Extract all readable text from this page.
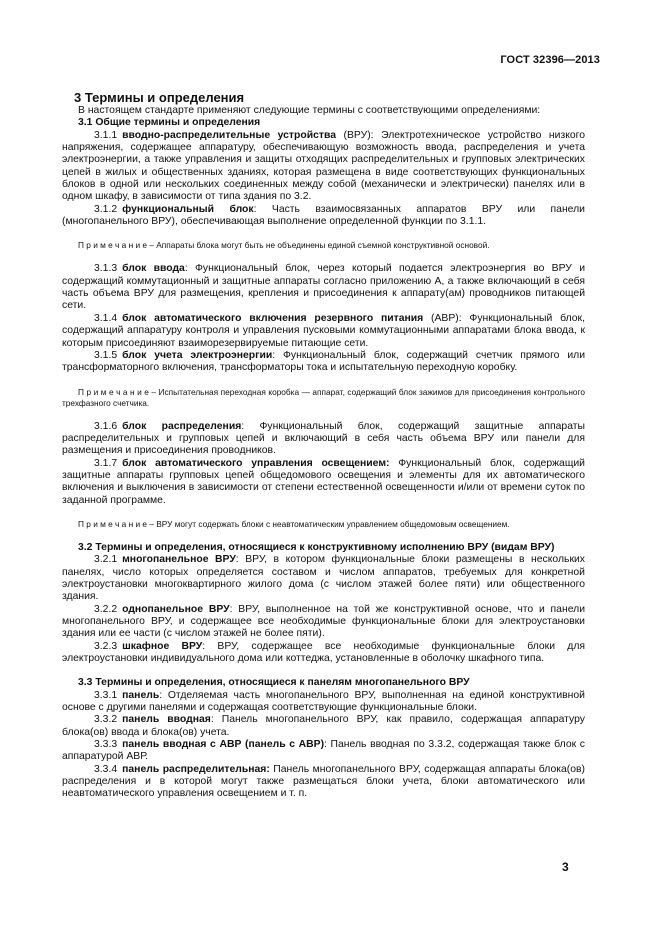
ГОСТ 32396—2013

3 Термины и определения

В настоящем стандарте применяют следующие термины с соответствующими определениями:

3.1 Общие термины и определения

3.1.1 вводно-распределительные устройства (ВРУ): Электротехническое устройство низкого напряжения, содержащее аппаратуру, обеспечивающую возможность ввода, распределения и учета электроэнергии, а также управления и защиты отходящих распределительных и групповых электрических цепей в жилых и общественных зданиях, которая размещена в виде соответствующих функциональных блоков в одной или нескольких соединенных между собой (механически и электрически) панелях или в одном шкафу, в зависимости от типа здания по 3.2.

3.1.2 функциональный блок: Часть взаимосвязанных аппаратов ВРУ или панели (многопанельного ВРУ), обеспечивающая выполнение определенной функции по 3.1.1.

П р и м е ч а н и е – Аппараты блока могут быть не объединены единой съемной конструктивной основой.

3.1.3 блок ввода: Функциональный блок, через который подается электроэнергия во ВРУ и содержащий коммутационный и защитные аппараты согласно приложению А, а также включающий в себя часть объема ВРУ для размещения, крепления и присоединения к аппарату(ам) проводников питающей сети.

3.1.4 блок автоматического включения резервного питания (АВР): Функциональный блок, содержащий аппаратуру контроля и управления пусковыми коммутационными аппаратами блока ввода, к которым присоединяют взаиморезервируемые питающие сети.

3.1.5 блок учета электроэнергии: Функциональный блок, содержащий счетчик прямого или трансформаторного включения, трансформаторы тока и испытательную переходную коробку.

П р и м е ч а н и е – Испытательная переходная коробка — аппарат, содержащий блок зажимов для присоединения контрольного трехфазного счетчика.

3.1.6 блок распределения: Функциональный блок, содержащий защитные аппараты распределительных и групповых цепей и включающий в себя часть объема ВРУ или панели для размещения и присоединения проводников.

3.1.7 блок автоматического управления освещением: Функциональный блок, содержащий защитные аппараты групповых цепей общедомового освещения и элементы для их автоматического включения и выключения в зависимости от степени естественной освещенности и/или от времени суток по заданной программе.

П р и м е ч а н и е – ВРУ могут содержать блоки с неавтоматическим управлением общедомовым освещением.

3.2 Термины и определения, относящиеся к конструктивному исполнению ВРУ (видам ВРУ)

3.2.1 многопанельное ВРУ: ВРУ, в котором функциональные блоки размещены в нескольких панелях, число которых определяется составом и числом аппаратов, требуемых для конкретной электроустановки многоквартирного жилого дома (с числом этажей более пяти) или общественного здания.

3.2.2 однопанельное ВРУ: ВРУ, выполненное на той же конструктивной основе, что и панели многопанельного ВРУ, и содержащее все необходимые функциональные блоки для электроустановки здания или ее части (с числом этажей не более пяти).

3.2.3 шкафное ВРУ: ВРУ, содержащее все необходимые функциональные блоки для электроустановки индивидуального дома или коттеджа, установленные в оболочку шкафного типа.

3.3 Термины и определения, относящиеся к панелям многопанельного ВРУ

3.3.1 панель: Отделяемая часть многопанельного ВРУ, выполненная на единой конструктивной основе с другими панелями и содержащая соответствующие функциональные блоки.

3.3.2 панель вводная: Панель многопанельного ВРУ, как правило, содержащая аппаратуру блока(ов) ввода и блока(ов) учета.

3.3.3 панель вводная с АВР (панель с АВР): Панель вводная по 3.3.2, содержащая также блок с аппаратурой АВР.

3.3.4 панель распределительная: Панель многопанельного ВРУ, содержащая аппараты блока(ов) распределения и в которой могут также размещаться блоки учета, блоки автоматического или неавтоматического управления освещением и т. п.

3
